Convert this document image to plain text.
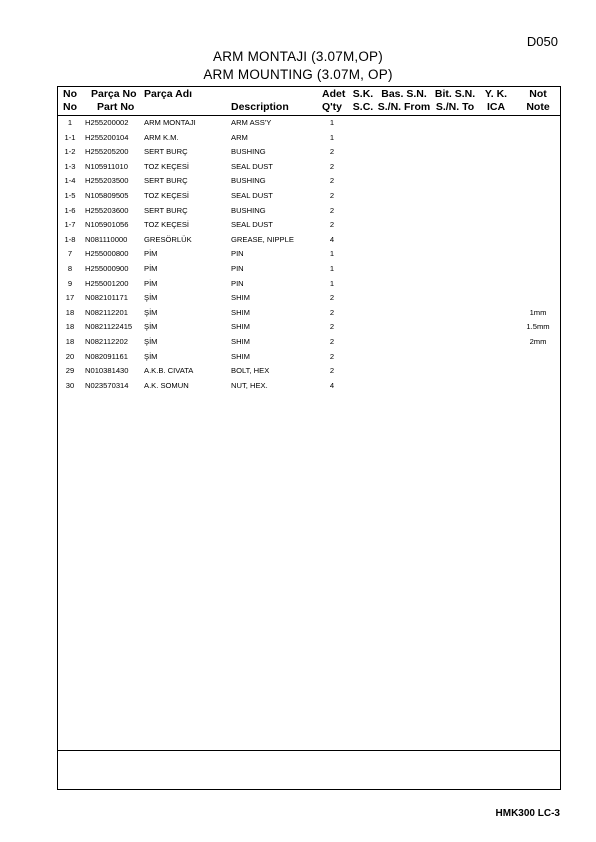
D050
ARM MONTAJI (3.07M,OP)
ARM MOUNTING (3.07M, OP)
No Parça No Parça Adı	Adet S.K. Bas. S.N. Bit. S.N. Y. K. Not
No Part No	Description	Q'ty S.C. S./N. From S./N. To ICA Note
1 H255200002 ARM MONTAJI	ARM ASS'Y	1
1-1 H255200104 ARM K.M.	ARM	1
1-2 H255205200 SERT BURÇ	BUSHING	2
1-3 N105911010 TOZ KEÇESİ	SEAL DUST	2
1-4 H255203500 SERT BURÇ	BUSHING	2
1-5 N105809505 TOZ KEÇESİ	SEAL DUST	2
1-6 H255203600 SERT BURÇ	BUSHING	2
1-7 N105901056 TOZ KEÇESİ	SEAL DUST	2
1-8 N081110000 GRESÖRLÜK	GREASE, NIPPLE	4
7 H255000800 PİM	PIN	1
8 H255000900 PİM	PIN	1
9 H255001200 PİM	PIN	1
17 N082101171 ŞİM	SHIM	2
18 N082112201 ŞİM	SHIM	2	1mm
18 N0821122415 ŞİM	SHIM	2	1.5mm
18 N082112202 ŞİM	SHIM	2	2mm
20 N082091161 ŞİM	SHIM	2
29 N010381430 A.K.B. CIVATA	BOLT, HEX	2
30 N023570314 A.K. SOMUN	NUT, HEX.	4
HMK300 LC-3
